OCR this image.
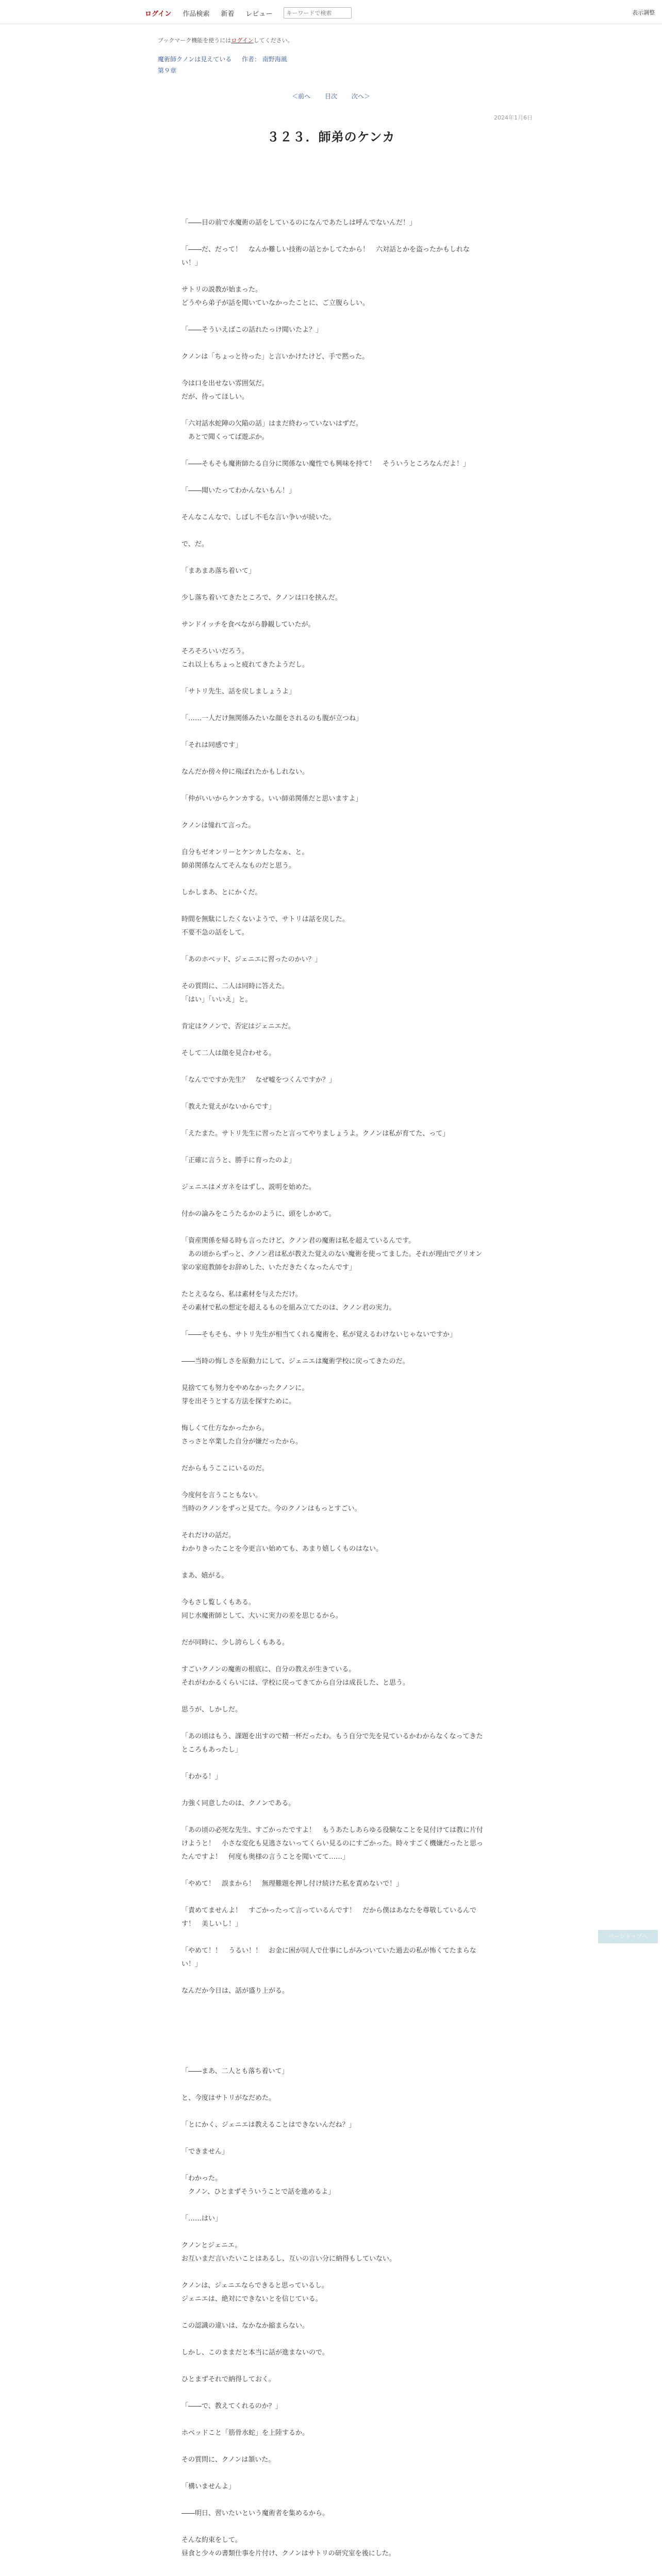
ログイン 作品検索 新着 レビュー
キーワードで検索	表示調整
ブックマーク機能を使うにはログインしてください。
魔術師クノンは見えている 作者： 南野海風
第９章
＜前へ 目次 次へ＞
2024年1月6日
３２３．師弟のケンカ
「――目の前で水魔術の話をしているのになんであたしは呼んでないんだ！」

「――だ、だって！　なんか難しい技術の話とかしてたから！　六対話とかを盗ったかもしれない！」

サトリの説教が始まった。
どうやら弟子が話を聞いていなかったことに、ご立腹らしい。

「――そういえばこの話れたっけ聞いたよ？」

クノンは「ちょっと待った」と言いかけたけど、手で黙った。

今は口を出せない雰囲気だ。
だが、待ってほしい。

「六対話水蛇陣の欠陥の話」はまだ終わっていないはずだ。
　あとで聞くってば遊ぶか。

「――そもそも魔術師たる自分に関係ない魔性でも興味を持て！　そういうところなんだよ！」

「――聞いたってわかんないもん！」

そんなこんなで、しばし不毛な言い争いが続いた。

で、だ。

「まあまあ落ち着いて」

少し落ち着いてきたところで、クノンは口を挟んだ。

サンドイッチを食べながら静観していたが。

そろそろいいだろう。
これ以上もちょっと疲れてきたようだし。

「サトリ先生、話を戻しましょうよ」

「……一人だけ無関係みたいな顔をされるのも腹が立つね」

「それは同感です」

なんだか傍々仲に飛ばれたかもしれない。

「仲がいいからケンカする。いい師弟関係だと思いますよ」

クノンは憧れて言った。

自分もゼオンリーとケンカしたなぁ、と。
師弟関係なんてそんなものだと思う。

しかしまあ、とにかくだ。

時間を無駄にしたくないようで、サトリは話を戻した。
不要不急の話をして。

「あのホベッド、ジェニエに習ったのかい？」

その質問に、二人は同時に答えた。
「はい」「いいえ」と。

肯定はクノンで、否定はジェニエだ。

そして二人は顔を見合わせる。

「なんでですか先生？　なぜ嘘をつくんですか？」

「教えた覚えがないからです」

「えたまた。サトリ先生に習ったと言ってやりましょうよ。クノンは私が育てた、って」

「正確に言うと、勝手に育ったのよ」

ジェニエはメガネをはずし、説明を始めた。

付かの論みをこうたるかのように、頭をしかめて。

「資産関係を帰る時も言ったけど、クノン君の魔術は私を超えているんです。
　あの頃からずっと、クノン君は私が教えた覚えのない魔術を使ってました。それが理由でグリオン家の家庭教師をお辞めした、いただきたくなったんです」

たとえるなら、私は素材を与えただけ。
その素材で私の想定を超えるものを組み立てたのは、クノン君の実力。

「――そもそも、サトリ先生が相当てくれる魔術を、私が覚えるわけないじゃないですか」

――当時の悔しさを原動力にして、ジェニエは魔術学校に戻ってきたのだ。

見捨てても努力をやめなかったクノンに。
芽を出そうとする方法を探すために。

悔しくて仕方なかったから。
さっさと卒業した自分が嫌だったから。

だからもうここにいるのだ。

今度何を言うこともない。
当時のクノンをずっと見てた。今のクノンはもっとすごい。

それだけの話だ。
わかりきったことを今更言い始めても、あまり嬉しくものはない。

まあ、嬉がる。

今もさし覧しくもある。
同じ水魔術師として、大いに実力の差を思じるから。

だが同時に、少し誇らしくもある。

すごいクノンの魔術の根底に、自分の教えが生きている。
それがわかるくらいには、学校に戻ってきてから自分は成長した、と思う。

思うが、しかしだ。

「あの頃はもう、課題を出すので精一杯だったわ。もう自分で先を見ているかわからなくなってきたところもあったし」

「わかる！」

力強く同意したのは、クノンである。

「あの頃の必死な先生、すごかったですよ！　もうあたしあらゆる役験なことを見付けては教に片付けようと！　小さな変化も見逃さないってくらい見るのにすごかった。時々すごく機嫌だったと思ったんですよ！　何度も奥様の言うことを聞いてて……」

「やめて！　誤まから！　無理難題を押し付け続けた私を責めないで！」

「責めてませんよ！　すごかったって言っているんです！　だから僕はあなたを尊敬しているんです！　美しいし！」

「やめて！！　うるい！！　お金に困が同人で仕事にしがみついていた過去の私が怖くてたまらない！」

なんだか今日は、話が盛り上がる。

「――まあ、二人とも落ち着いて」

と、今度はサトリがなだめた。

「とにかく、ジェニエは教えることはできないんだね？」

「できません」

「わかった。
　クノン、ひとまずそういうことで話を進めるよ」

「……はい」

クノンとジェニエ。
お互いまだ言いたいことはあるし、互いの言い分に納得もしていない。

クノンは、ジェニエならできると思っているし。
ジェニエは、絶対にできないとを信じている。

この認識の違いは、なかなか縮まらない。

しかし、このままだと本当に話が進まないので。

ひとまずそれで納得しておく。

「――で、教えてくれるのか？」

ホベッドこと「筋骨水蛇」を上陸するか。

その質問に、クノンは頷いた。

「構いませんよ」

――明日、習いたいという魔術者を集めるから。

そんな約束をして。
昼食と少々の書類仕事を片付け、クノンはサトリの研究室を後にした。

ページトップへ
